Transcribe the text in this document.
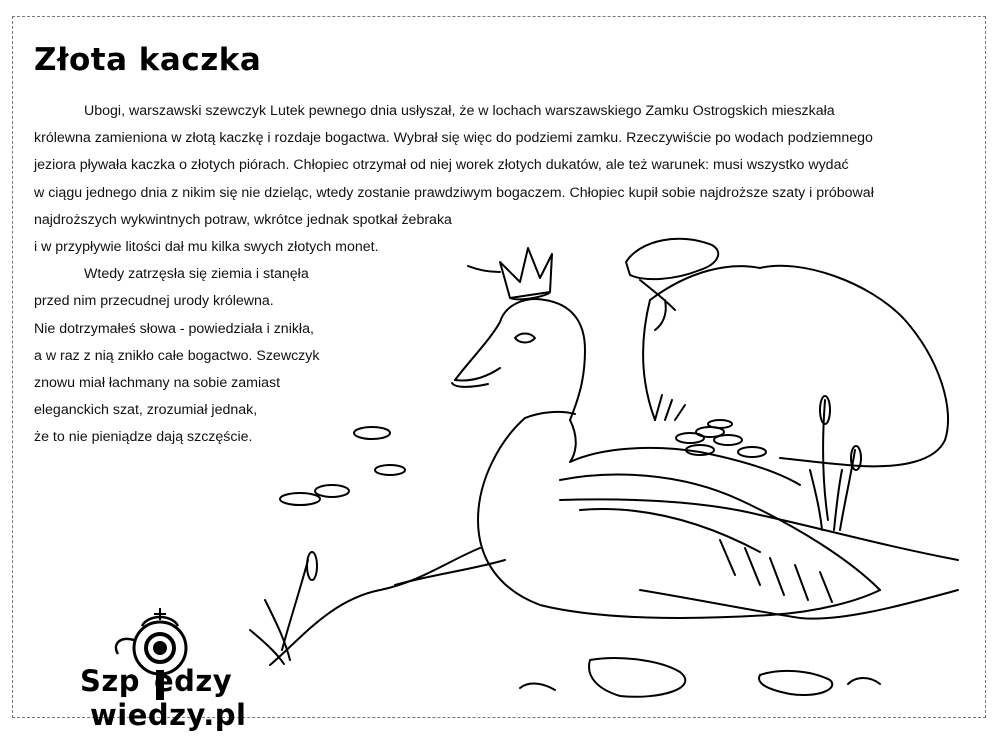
Złota kaczka
Ubogi, warszawski szewczyk Lutek pewnego dnia usłyszał, że w lochach warszawskiego Zamku Ostrogskich mieszkała
królewna zamieniona w złotą kaczkę i rozdaje bogactwa. Wybrał się więc do podziemi zamku. Rzeczywiście po wodach podziemnego
jeziora pływała kaczka o złotych piórach. Chłopiec otrzymał od niej worek złotych dukatów, ale też warunek: musi wszystko wydać
w ciągu jednego dnia z nikim się nie dzieląc, wtedy zostanie prawdziwym bogaczem. Chłopiec kupił sobie najdroższe szaty i próbował
najdroższych wykwintnych potraw, wkrótce jednak spotkał żebraka
i w przypływie litości dał mu kilka swych złotych monet.
Wtedy zatrzęsła się ziemia i stanęła
przed nim przecudnej urody królewna.
Nie dotrzymałeś słowa - powiedziała i znikła,
a w raz z nią znikło całe bogactwo. Szewczyk
znowu miał łachmany na sobie zamiast
eleganckich szat, zrozumiał jednak,
że to nie pieniądze dają szczęście.
Szp edzy
wiedzy.pl
